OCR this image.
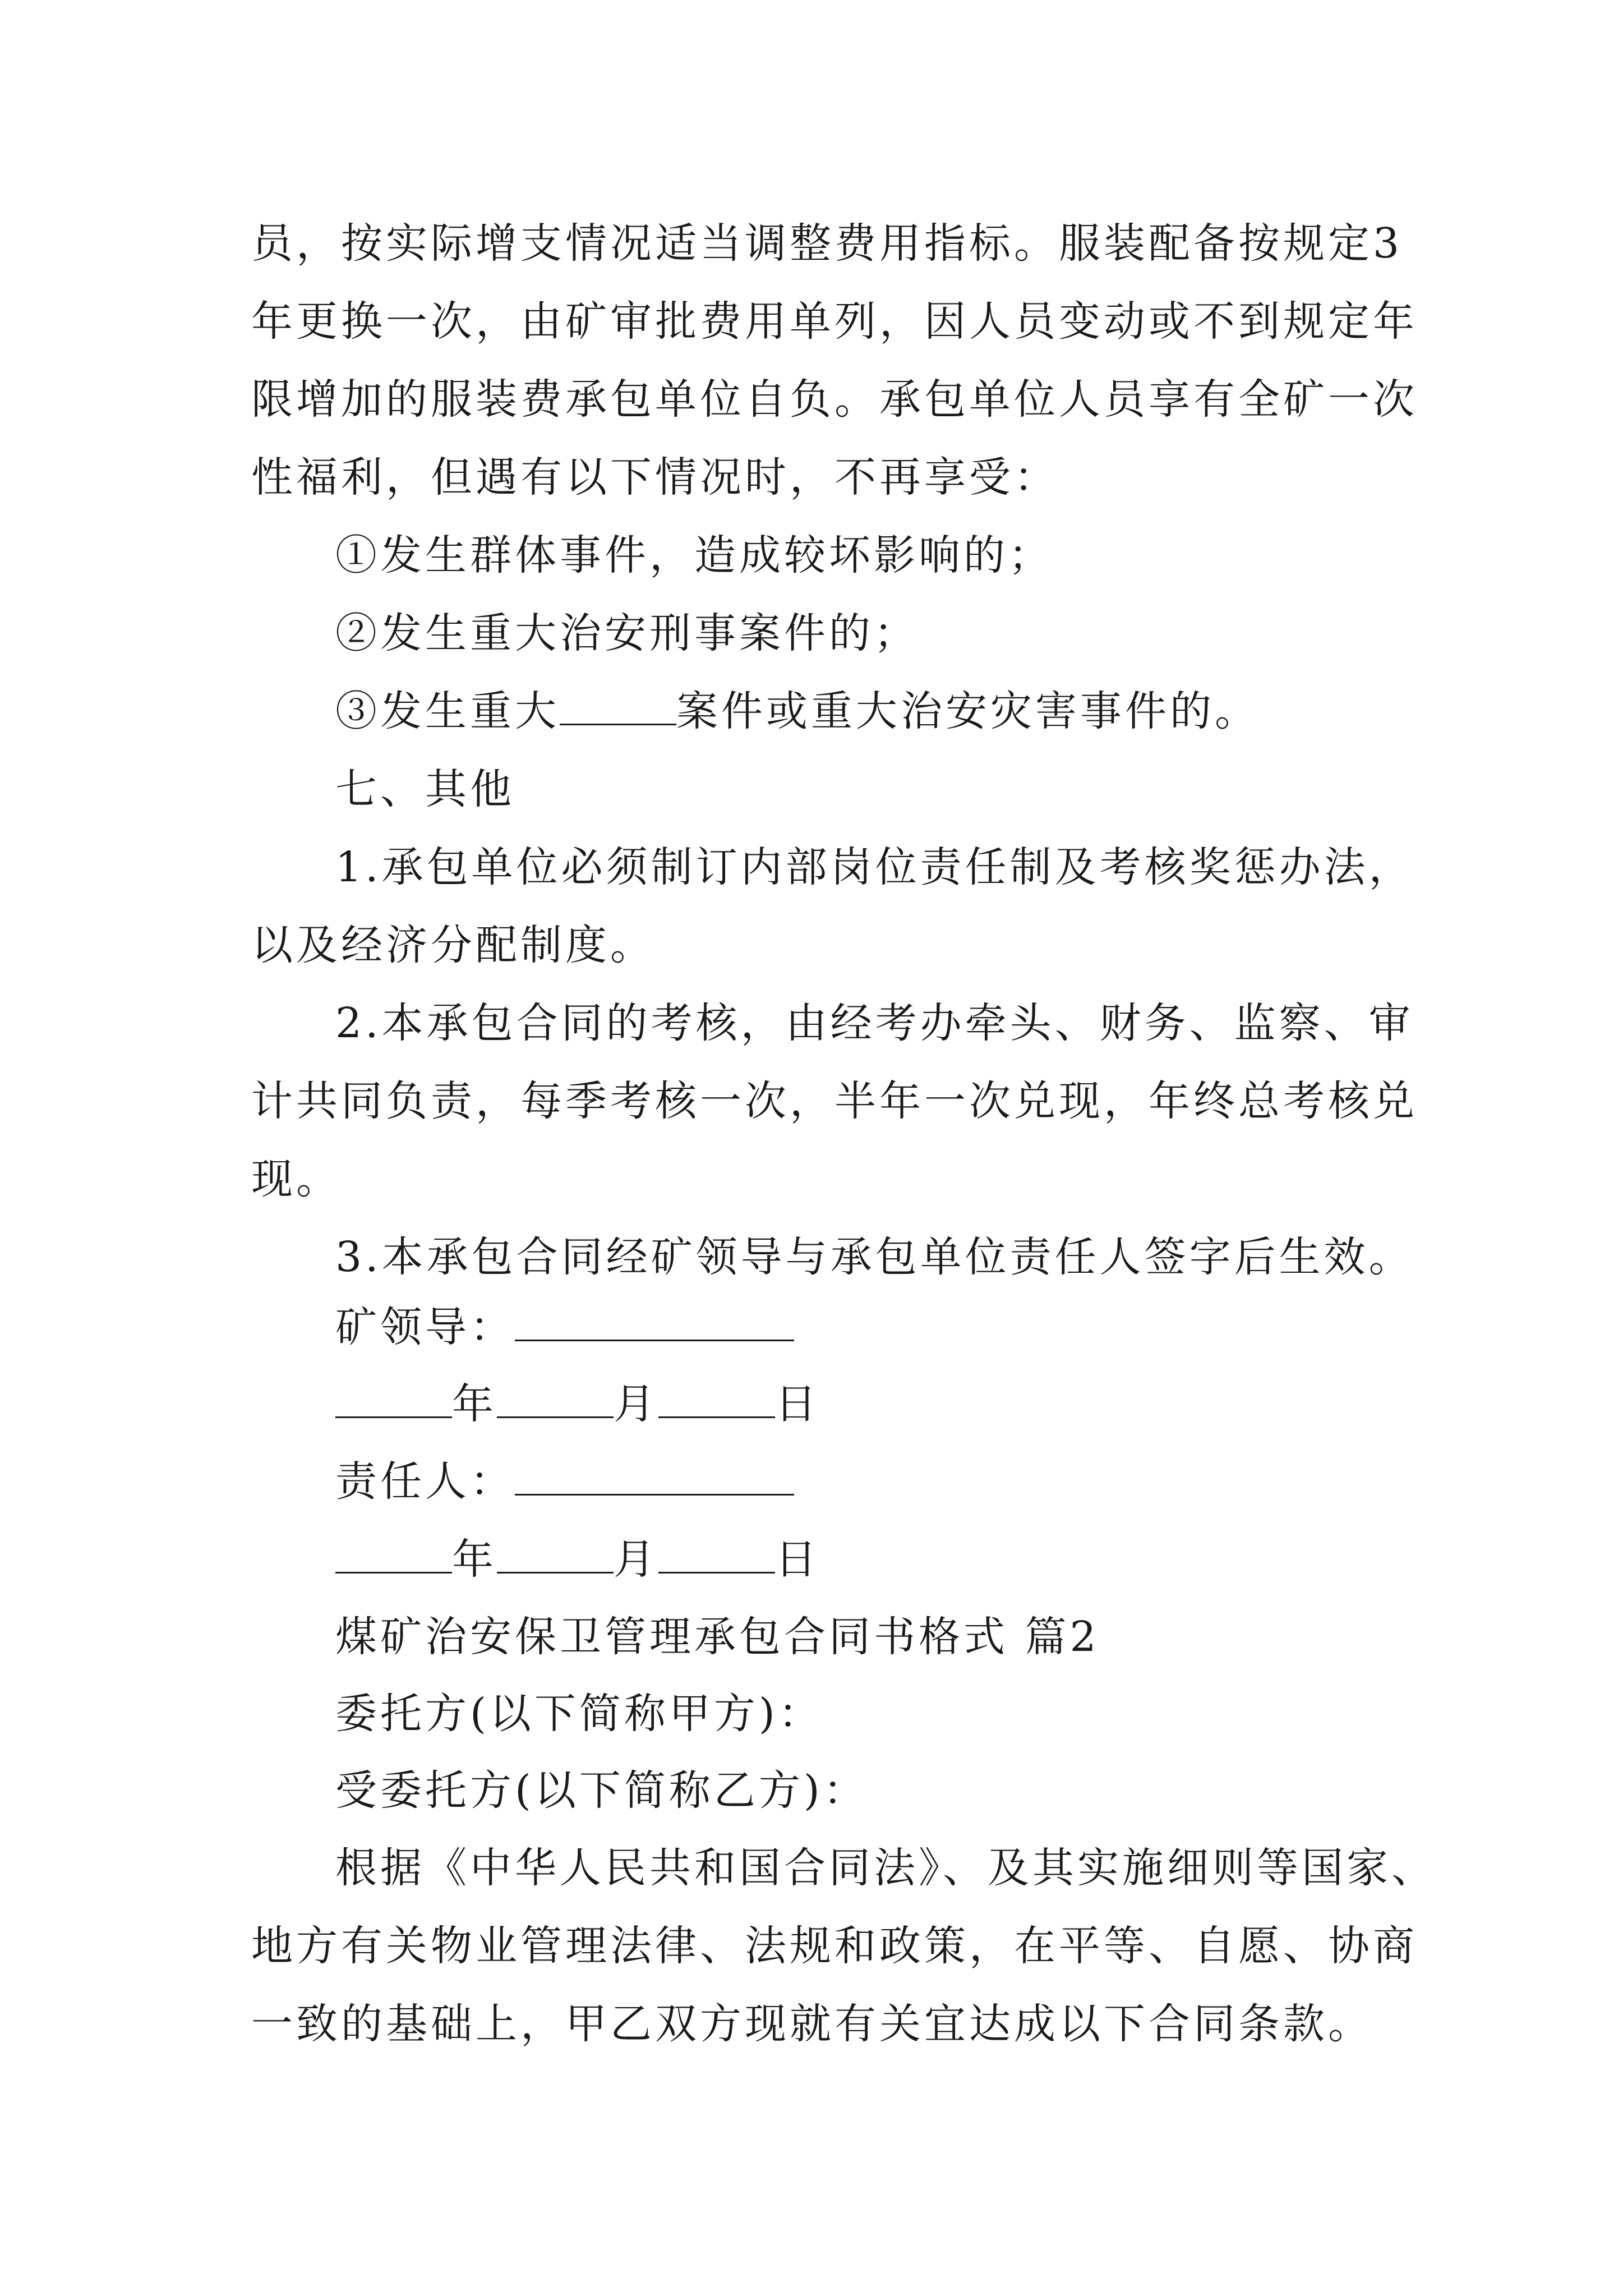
员，按实际增支情况适当调整费用指标。服装配备按规定3
年更换一次，由矿审批费用单列，因人员变动或不到规定年
限增加的服装费承包单位自负。承包单位人员享有全矿一次
性福利，但遇有以下情况时，不再享受：
①发生群体事件，造成较坏影响的；
②发生重大治安刑事案件的；
③发生重大	案件或重大治安灾害事件的。
七、其他
1.承包单位必须制订内部岗位责任制及考核奖惩办法，
以及经济分配制度。
2.本承包合同的考核，由经考办牵头、财务、监察、审
计共同负责，每季考核一次，半年一次兑现，年终总考核兑
现。
3.本承包合同经矿领导与承包单位责任人签字后生效。
矿领导：
年	月	日
责任人：
年	月	日
煤矿治安保卫管理承包合同书格式 篇2
委托方(以下简称甲方)：
受委托方(以下简称乙方)：
根据《中华人民共和国合同法》、及其实施细则等国家、
地方有关物业管理法律、法规和政策，在平等、自愿、协商
一致的基础上，甲乙双方现就有关宜达成以下合同条款。
